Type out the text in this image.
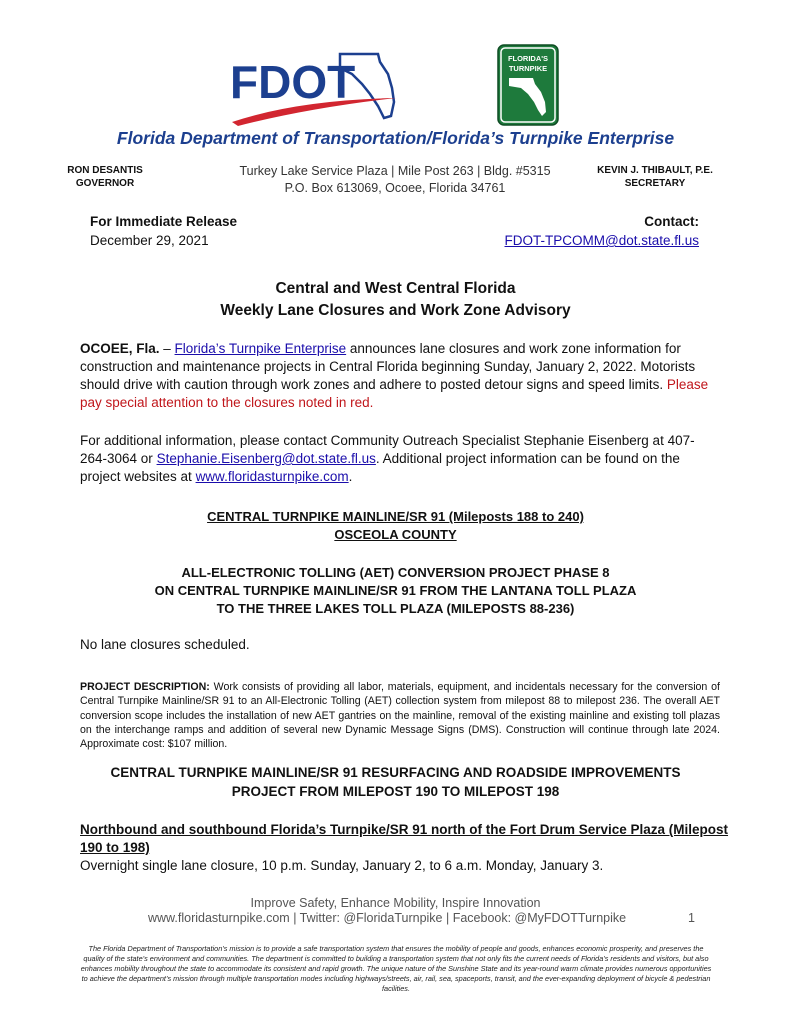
FDOT	FLORIDA'S
TURNPIKE
Florida Department of Transportation/Florida’s Turnpike Enterprise
RON DESANTIS
GOVERNOR
Turkey Lake Service Plaza | Mile Post 263 | Bldg. #5315
P.O. Box 613069, Ocoee, Florida 34761
KEVIN J. THIBAULT, P.E.
SECRETARY
For Immediate Release
December 29, 2021
Contact:
FDOT-TPCOMM@dot.state.fl.us
Central and West Central Florida
Weekly Lane Closures and Work Zone Advisory
OCOEE, Fla. – Florida’s Turnpike Enterprise announces lane closures and work zone information for construction and maintenance projects in Central Florida beginning Sunday, January 2, 2022. Motorists should drive with caution through work zones and adhere to posted detour signs and speed limits. Please pay special attention to the closures noted in red.
For additional information, please contact Community Outreach Specialist Stephanie Eisenberg at 407-264-3064 or Stephanie.Eisenberg@dot.state.fl.us. Additional project information can be found on the project websites at www.floridasturnpike.com.
CENTRAL TURNPIKE MAINLINE/SR 91 (Mileposts 188 to 240)
OSCEOLA COUNTY
ALL-ELECTRONIC TOLLING (AET) CONVERSION PROJECT PHASE 8
ON CENTRAL TURNPIKE MAINLINE/SR 91 FROM THE LANTANA TOLL PLAZA
TO THE THREE LAKES TOLL PLAZA (MILEPOSTS 88-236)
No lane closures scheduled.
PROJECT DESCRIPTION: Work consists of providing all labor, materials, equipment, and incidentals necessary for the conversion of Central Turnpike Mainline/SR 91 to an All-Electronic Tolling (AET) collection system from milepost 88 to milepost 236. The overall AET conversion scope includes the installation of new AET gantries on the mainline, removal of the existing mainline and existing toll plazas on the interchange ramps and addition of several new Dynamic Message Signs (DMS). Construction will continue through late 2024. Approximate cost: $107 million.
CENTRAL TURNPIKE MAINLINE/SR 91 RESURFACING AND ROADSIDE IMPROVEMENTS
PROJECT FROM MILEPOST 190 TO MILEPOST 198
Northbound and southbound Florida’s Turnpike/SR 91 north of the Fort Drum Service Plaza (Milepost 190 to 198)
Overnight single lane closure, 10 p.m. Sunday, January 2, to 6 a.m. Monday, January 3.
Improve Safety, Enhance Mobility, Inspire Innovation
www.floridasturnpike.com | Twitter: @FloridaTurnpike | Facebook: @MyFDOTTurnpike	1
The Florida Department of Transportation’s mission is to provide a safe transportation system that ensures the mobility of people and goods, enhances economic prosperity, and preserves the quality of the state’s environment and communities. The department is committed to building a transportation system that not only fits the current needs of Florida’s residents and visitors, but also enhances mobility throughout the state to accommodate its consistent and rapid growth. The unique nature of the Sunshine State and its year-round warm climate provides numerous opportunities to achieve the department’s mission through multiple transportation modes including highways/streets, air, rail, sea, spaceports, transit, and the ever-expanding deployment of bicycle & pedestrian facilities.
